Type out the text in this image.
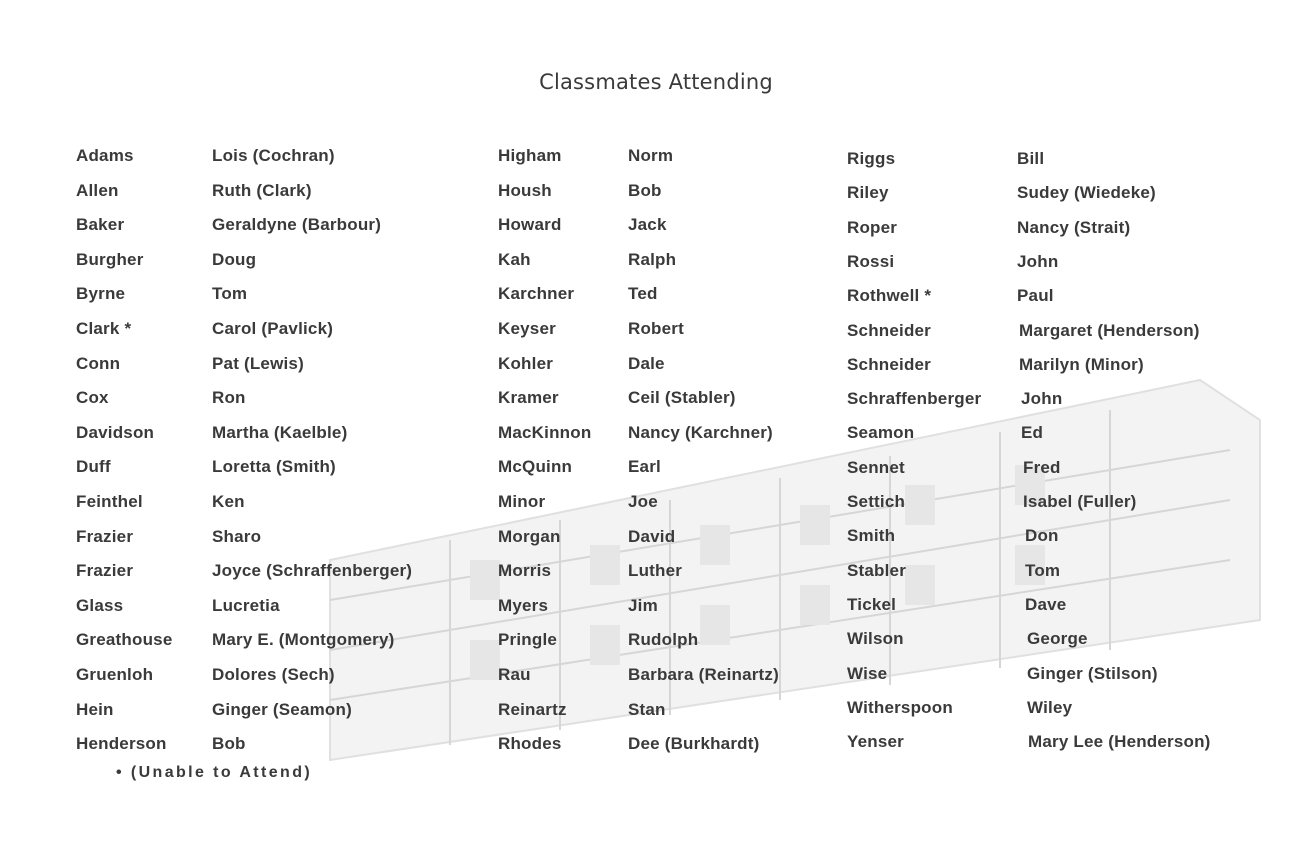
Classmates Attending
Adams	Lois (Cochran)
Allen	Ruth (Clark)
Baker	Geraldyne (Barbour)
Burgher	Doug
Byrne	Tom
Clark *	Carol (Pavlick)
Conn	Pat (Lewis)
Cox	Ron
Davidson	Martha (Kaelble)
Duff	Loretta (Smith)
Feinthel	Ken
Frazier	Sharo
Frazier	Joyce (Schraffenberger)
Glass	Lucretia
Greathouse Mary E. (Montgomery)
Gruenloh	Dolores (Sech)
Hein	Ginger (Seamon)
Henderson	Bob
Higham	Norm
Housh	Bob
Howard	Jack
Kah	Ralph
Karchner	Ted
Keyser	Robert
Kohler	Dale
Kramer	Ceil (Stabler)
MacKinnon Nancy (Karchner)
McQuinn	Earl
Minor	Joe
Morgan	David
Morris	Luther
Myers	Jim
Pringle	Rudolph
Rau	Barbara (Reinartz)
Reinartz	Stan
Rhodes	Dee (Burkhardt)
Riggs	Bill
Riley	Sudey (Wiedeke)
Roper	Nancy (Strait)
Rossi	John
Rothwell *	Paul
Schneider	Margaret (Henderson)
Schneider	Marilyn (Minor)
Schraffenberger John
Seamon	Ed
Sennet	Fred
Settich	Isabel (Fuller)
Smith	Don
Stabler	Tom
Tickel	Dave
Wilson	George
Wise	Ginger (Stilson)
Witherspoon	Wiley
Yenser	Mary Lee (Henderson)
• (Unable to Attend)
